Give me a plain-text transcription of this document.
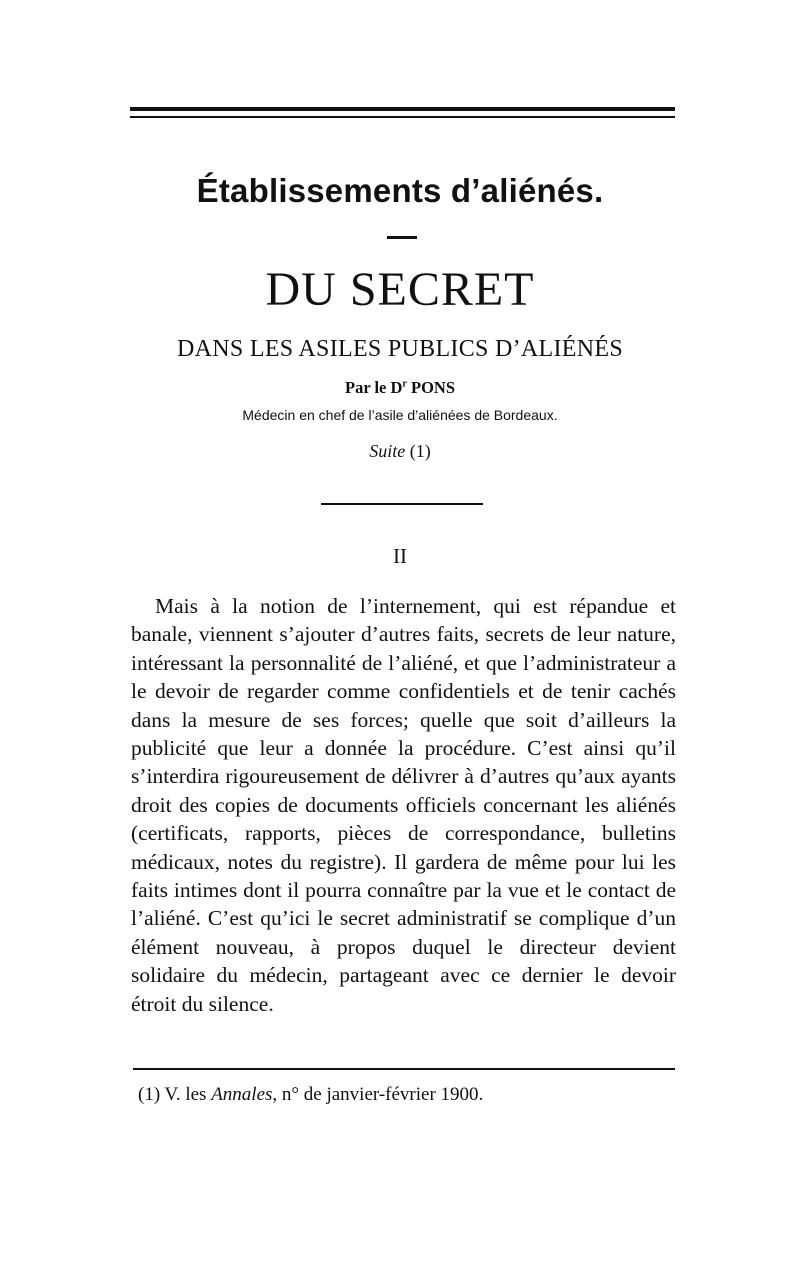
Établissements d’aliénés.
DU SECRET
DANS LES ASILES PUBLICS D’ALIÉNÉS
Par le $D^r$ PONS
Médecin en chef de l’asile d’aliénées de Bordeaux.
Suite (1)
II

Mais à la notion de l’internement, qui est répandue et banale, viennent s’ajouter d’autres faits, secrets de leur nature, intéressant la personnalité de l’aliéné, et que l’administrateur a le devoir de regarder comme confidentiels et de tenir cachés dans la mesure de ses forces; quelle que soit d’ailleurs la publicité que leur a donnée la procédure. C’est ainsi qu’il s’interdira rigoureusement de délivrer à d’autres qu’aux ayants droit des copies de documents officiels concernant les aliénés (certificats, rapports, pièces de correspondance, bulletins médicaux, notes du registre). Il gardera de même pour lui les faits intimes dont il pourra connaître par la vue et le contact de l’aliéné. C’est qu’ici le secret administratif se complique d’un élément nouveau, à propos duquel le directeur devient solidaire du médecin, partageant avec ce dernier le devoir étroit du silence.

(1) V. les Annales, n° de janvier-février 1900.
